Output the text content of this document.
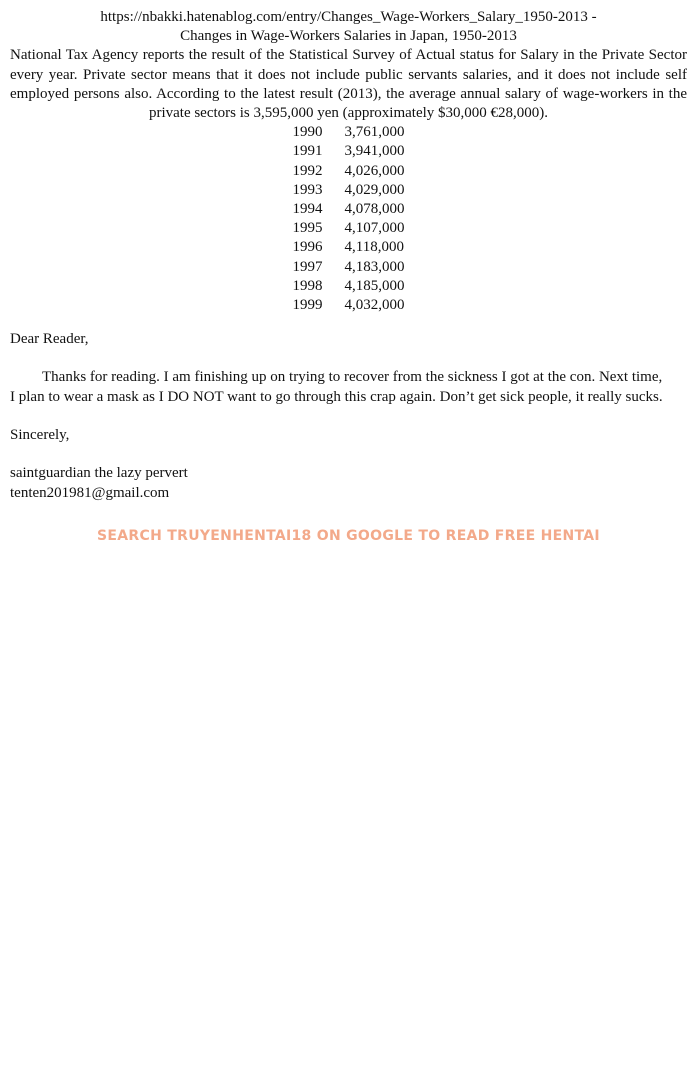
https://nbakki.hatenablog.com/entry/Changes_Wage-Workers_Salary_1950-2013 -

Changes in Wage-Workers Salaries in Japan, 1950-2013

National Tax Agency reports the result of the Statistical Survey of Actual status for Salary in the Private Sector every year. Private sector means that it does not include public servants salaries, and it does not include self employed persons also. According to the latest result (2013), the average annual salary of wage-workers in the private sectors is 3,595,000 yen (approximately $30,000 €28,000).

1990	3,761,000
1991	3,941,000
1992	4,026,000
1993	4,029,000
1994	4,078,000
1995	4,107,000
1996	4,118,000
1997	4,183,000
1998	4,185,000
1999	4,032,000

Dear Reader,

Thanks for reading. I am finishing up on trying to recover from the sickness I got at the con. Next time, I plan to wear a mask as I DO NOT want to go through this crap again. Don’t get sick people, it really sucks.

Sincerely,

saintguardian the lazy pervert
tenten201981@gmail.com

SEARCH TRUYENHENTAI18 ON GOOGLE TO READ FREE HENTAI
